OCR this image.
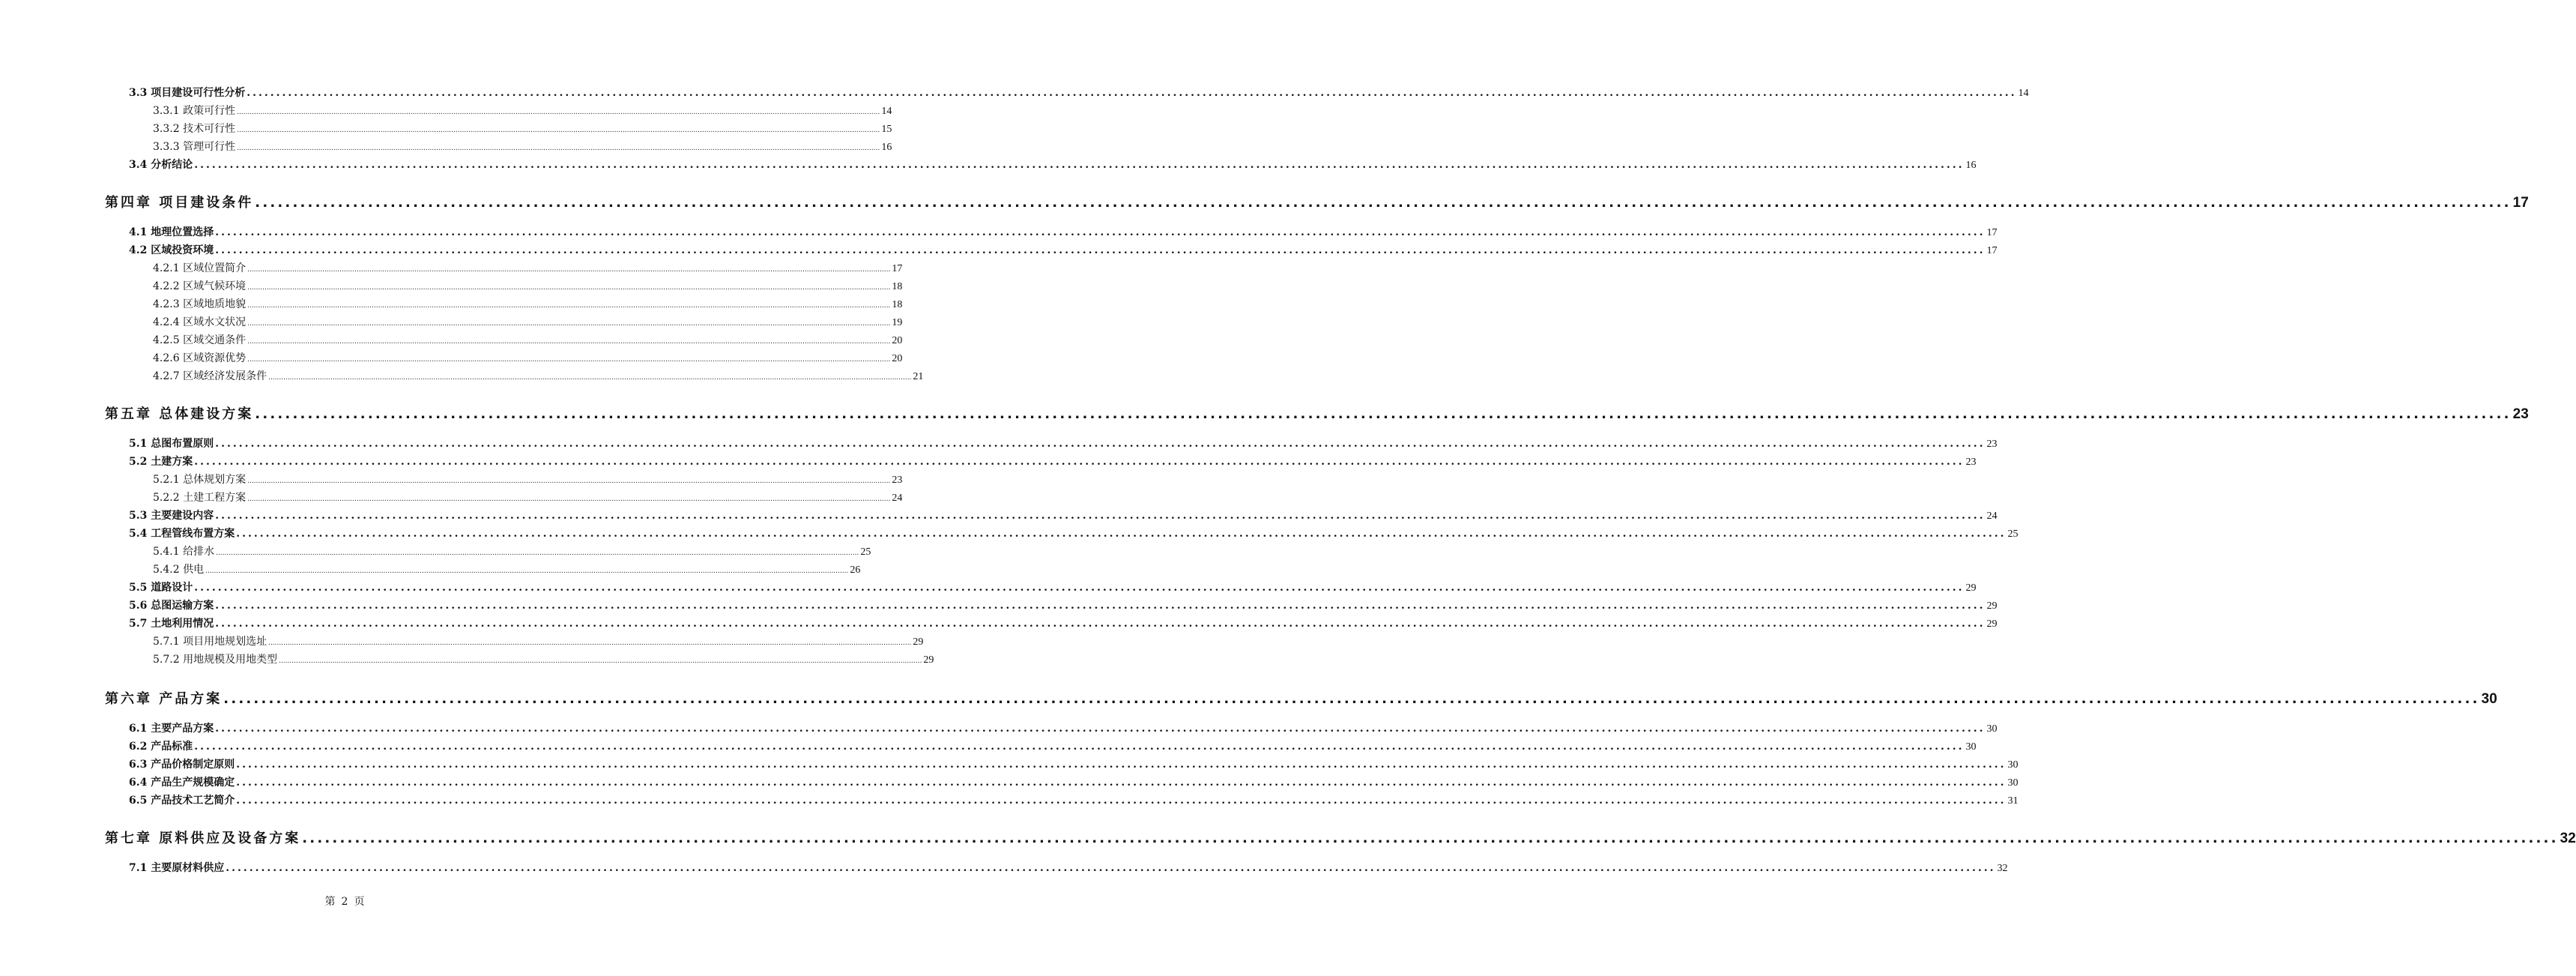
3.3 项目建设可行性分析 ............................................................................................................................................................................................................................................................................................................ 14
3.3.1 政策可行性 ............................................................................................................................................................................................................................................................................................................ 14
3.3.2 技术可行性 ............................................................................................................................................................................................................................................................................................................ 15
3.3.3 管理可行性 ............................................................................................................................................................................................................................................................................................................ 16
3.4 分析结论 ............................................................................................................................................................................................................................................................................................................ 16
第四章 项目建设条件 ............................................................................................................................................................................................................................................................................................................ 17
4.1 地理位置选择 ............................................................................................................................................................................................................................................................................................................ 17
4.2 区域投资环境 ............................................................................................................................................................................................................................................................................................................ 17
4.2.1 区域位置简介 ............................................................................................................................................................................................................................................................................................................ 17
4.2.2 区域气候环境 ............................................................................................................................................................................................................................................................................................................ 18
4.2.3 区域地质地貌 ............................................................................................................................................................................................................................................................................................................ 18
4.2.4 区域水文状况 ............................................................................................................................................................................................................................................................................................................ 19
4.2.5 区域交通条件 ............................................................................................................................................................................................................................................................................................................ 20
4.2.6 区域资源优势 ............................................................................................................................................................................................................................................................................................................ 20
4.2.7 区域经济发展条件 ............................................................................................................................................................................................................................................................................................................ 21
第五章 总体建设方案 ............................................................................................................................................................................................................................................................................................................ 23
5.1 总图布置原则 ............................................................................................................................................................................................................................................................................................................ 23
5.2 土建方案 ............................................................................................................................................................................................................................................................................................................ 23
5.2.1 总体规划方案 ............................................................................................................................................................................................................................................................................................................ 23
5.2.2 土建工程方案 ............................................................................................................................................................................................................................................................................................................ 24
5.3 主要建设内容 ............................................................................................................................................................................................................................................................................................................ 24
5.4 工程管线布置方案 ............................................................................................................................................................................................................................................................................................................ 25
5.4.1 给排水 ............................................................................................................................................................................................................................................................................................................ 25
5.4.2 供电 ............................................................................................................................................................................................................................................................................................................ 26
5.5 道路设计 ............................................................................................................................................................................................................................................................................................................ 29
5.6 总图运输方案 ............................................................................................................................................................................................................................................................................................................ 29
5.7 土地利用情况 ............................................................................................................................................................................................................................................................................................................ 29
5.7.1 项目用地规划选址 ............................................................................................................................................................................................................................................................................................................ 29
5.7.2 用地规模及用地类型 ............................................................................................................................................................................................................................................................................................................ 29
第六章 产品方案 ............................................................................................................................................................................................................................................................................................................ 30
6.1 主要产品方案 ............................................................................................................................................................................................................................................................................................................ 30
6.2 产品标准 ............................................................................................................................................................................................................................................................................................................ 30
6.3 产品价格制定原则 ............................................................................................................................................................................................................................................................................................................ 30
6.4 产品生产规模确定 ............................................................................................................................................................................................................................................................................................................ 30
6.5 产品技术工艺简介 ............................................................................................................................................................................................................................................................................................................ 31
第七章 原料供应及设备方案 ............................................................................................................................................................................................................................................................................................................ 32
7.1 主要原材料供应 ............................................................................................................................................................................................................................................................................................................ 32
第 2 页
